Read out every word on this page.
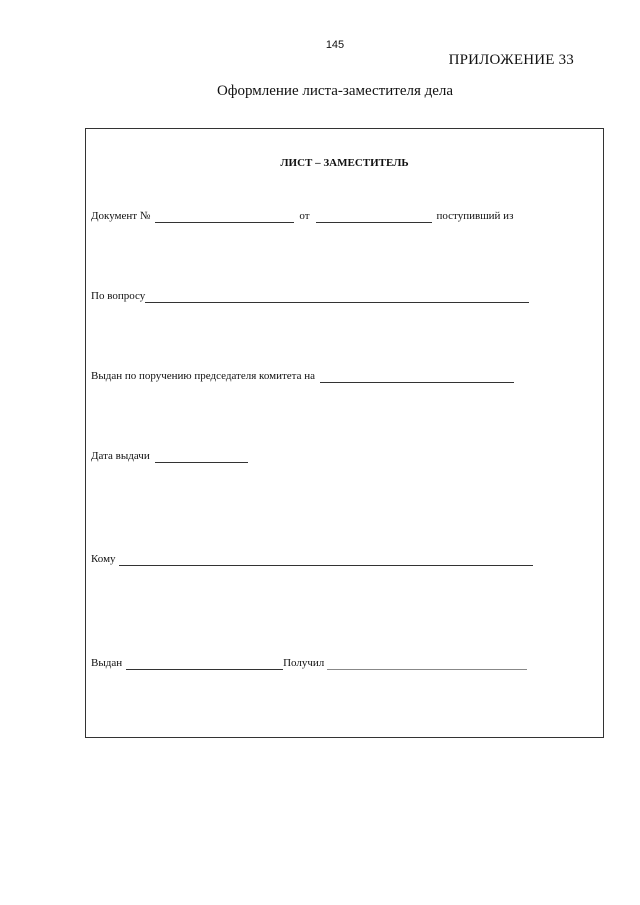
145
ПРИЛОЖЕНИЕ 33
Оформление листа-заместителя дела
ЛИСТ – ЗАМЕСТИТЕЛЬ
Документ №	от	поступивший из
По вопросу
Выдан по поручению председателя комитета на
Дата выдачи
Кому
Выдан	Получил
